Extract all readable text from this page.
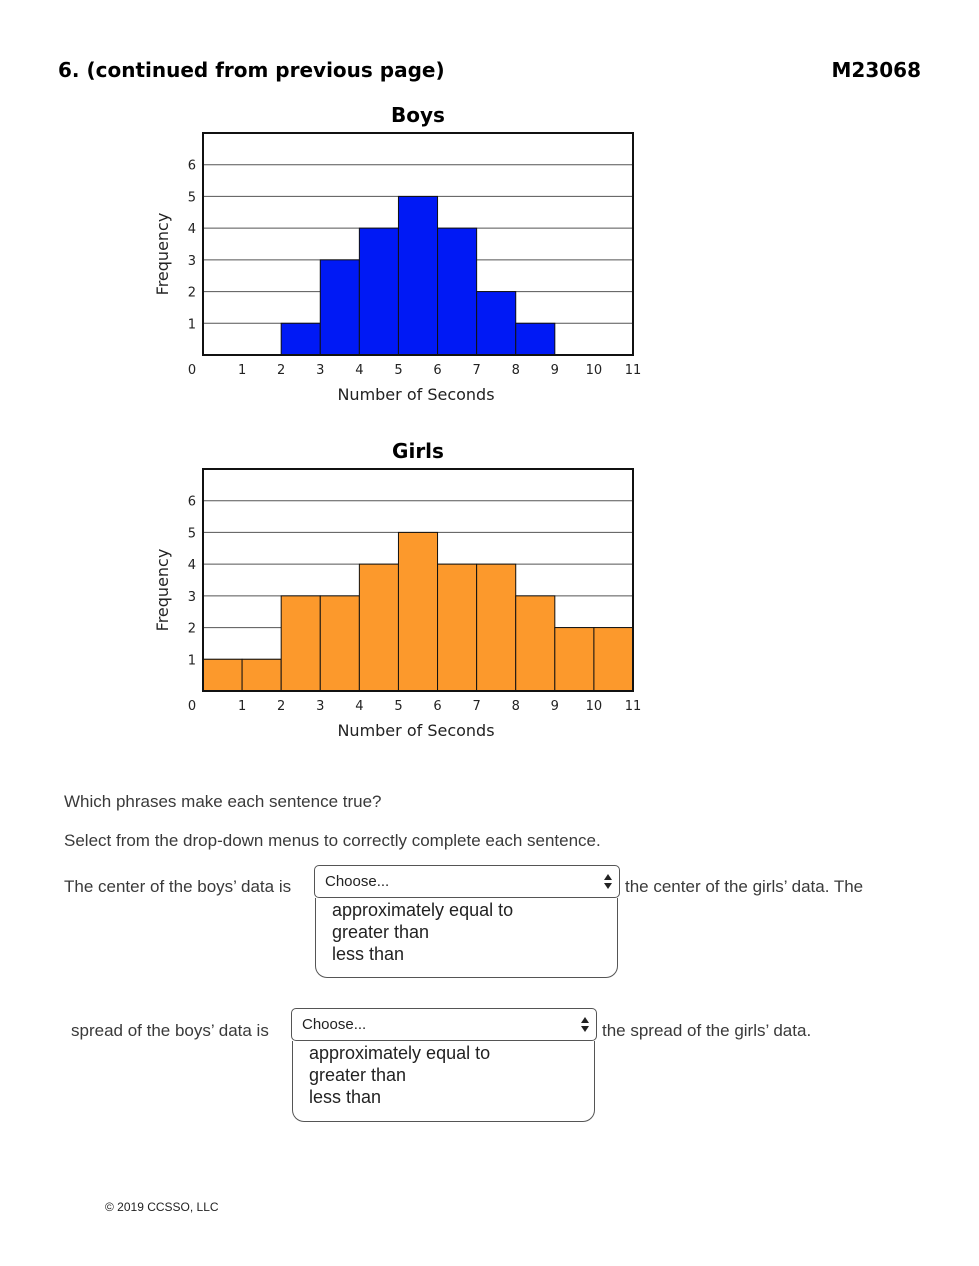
6. (continued from previous page)	M23068
Boys
1
2
3
4
5
6
0	1 2 3 4 5 6 7 8 9 10 11
Number of Seconds
Frequency
Girls
1
2
3
4
5
6
0	1 2 3 4 5 6 7 8 9 10 11
Number of Seconds
Frequency
Which phrases make each sentence true?
Select from the drop-down menus to correctly complete each sentence.
The center of the boys’ data is Choose...
approximately equal to
greater than
less than
the center of the girls’ data. The
spread of the boys’ data is Choose...
approximately equal to
greater than
less than
the spread of the girls’ data.
© 2019 CCSSO, LLC
